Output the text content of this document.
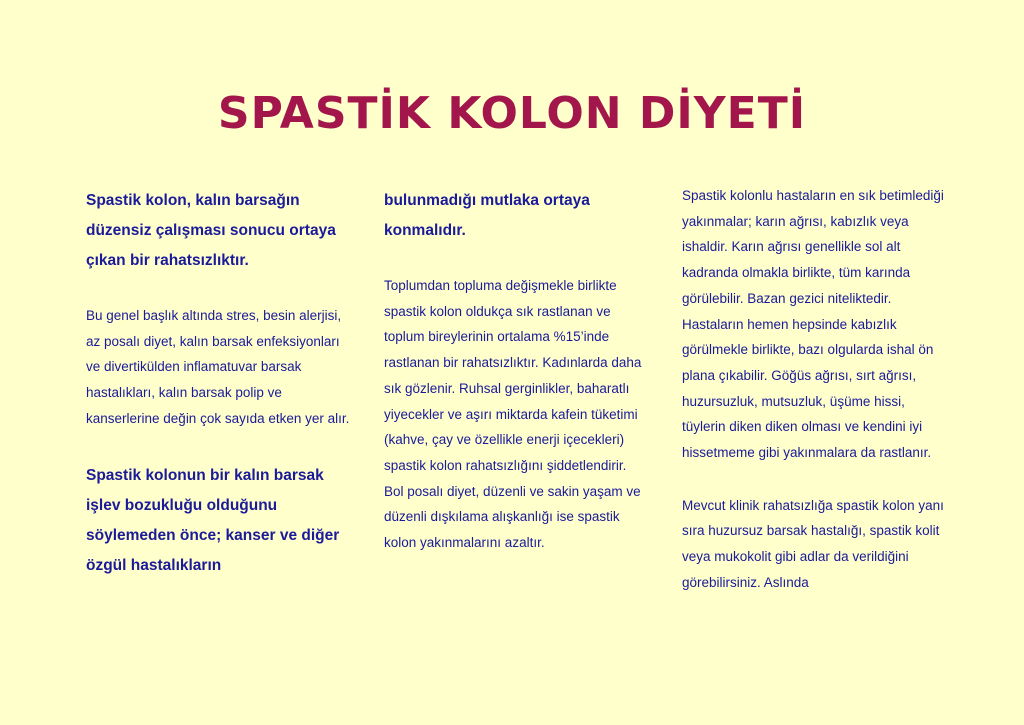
SPASTİK KOLON DİYETİ

Spastik kolon, kalın barsağın düzensiz çalışması sonucu ortaya çıkan bir rahatsızlıktır.

Bu genel başlık altında stres, besin alerjisi, az posalı diyet, kalın barsak enfeksiyonları ve divertikülden inflamatuvar barsak hastalıkları, kalın barsak polip ve kanserlerine değin çok sayıda etken yer alır.

Spastik kolonun bir kalın barsak işlev bozukluğu olduğunu söylemeden önce; kanser ve diğer özgül hastalıkların

bulunmadığı mutlaka ortaya konmalıdır.

Toplumdan topluma değişmekle birlikte spastik kolon oldukça sık rastlanan ve toplum bireylerinin ortalama %15’inde rastlanan bir rahatsızlıktır. Kadınlarda daha sık gözlenir. Ruhsal gerginlikler, baharatlı yiyecekler ve aşırı miktarda kafein tüketimi (kahve, çay ve özellikle enerji içecekleri) spastik kolon rahatsızlığını şiddetlendirir. Bol posalı diyet, düzenli ve sakin yaşam ve düzenli dışkılama alışkanlığı ise spastik kolon yakınmalarını azaltır.

Spastik kolonlu hastaların en sık betimlediği yakınmalar; karın ağrısı, kabızlık veya ishaldir. Karın ağrısı genellikle sol alt kadranda olmakla birlikte, tüm karında görülebilir. Bazan gezici niteliktedir. Hastaların hemen hepsinde kabızlık görülmekle birlikte, bazı olgularda ishal ön plana çıkabilir. Göğüs ağrısı, sırt ağrısı, huzursuzluk, mutsuzluk, üşüme hissi, tüylerin diken diken olması ve kendini iyi hissetmeme gibi yakınmalara da rastlanır.

Mevcut klinik rahatsızlığa spastik kolon yanı sıra huzursuz barsak hastalığı, spastik kolit veya mukokolit gibi adlar da verildiğini görebilirsiniz. Aslında
